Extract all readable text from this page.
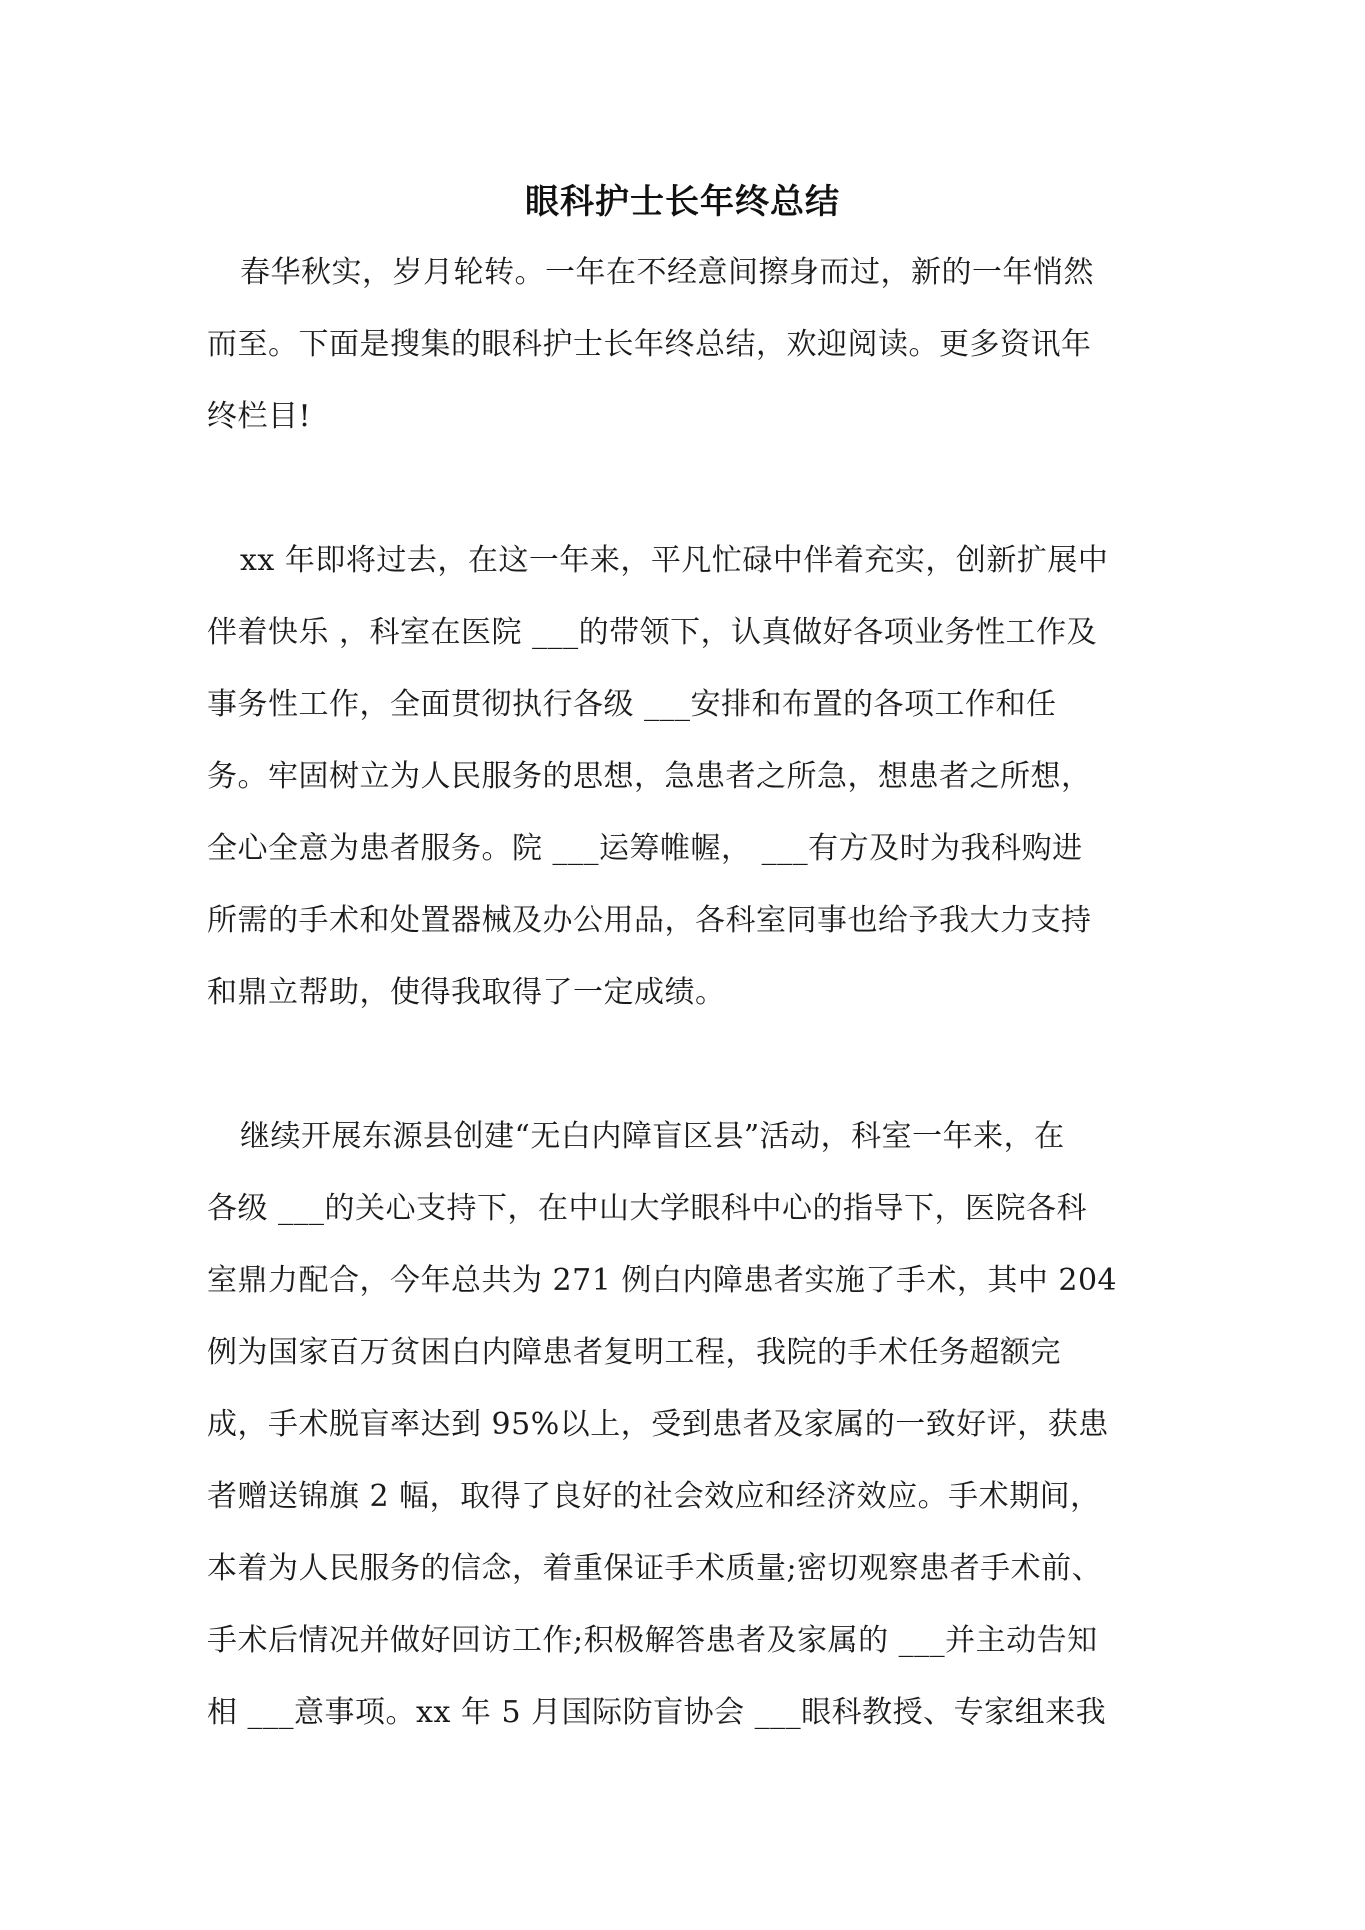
眼科护士长年终总结
春华秋实，岁月轮转。一年在不经意间擦身而过，新的一年悄然
而至。下面是搜集的眼科护士长年终总结，欢迎阅读。更多资讯年
终栏目!
xx 年即将过去，在这一年来，平凡忙碌中伴着充实，创新扩展中
伴着快乐 ，科室在医院 ___的带领下，认真做好各项业务性工作及
事务性工作，全面贯彻执行各级 ___安排和布置的各项工作和任
务。牢固树立为人民服务的思想，急患者之所急，想患者之所想，
全心全意为患者服务。院 ___运筹帷幄， ___有方及时为我科购进
所需的手术和处置器械及办公用品，各科室同事也给予我大力支持
和鼎立帮助，使得我取得了一定成绩。
继续开展东源县创建“无白内障盲区县”活动，科室一年来，在
各级 ___的关心支持下，在中山大学眼科中心的指导下，医院各科
室鼎力配合，今年总共为 271 例白内障患者实施了手术，其中 204
例为国家百万贫困白内障患者复明工程，我院的手术任务超额完
成，手术脱盲率达到 95%以上，受到患者及家属的一致好评，获患
者赠送锦旗 2 幅，取得了良好的社会效应和经济效应。手术期间，
本着为人民服务的信念，着重保证手术质量;密切观察患者手术前、
手术后情况并做好回访工作;积极解答患者及家属的 ___并主动告知
相 ___意事项。xx 年 5 月国际防盲协会 ___眼科教授、专家组来我
